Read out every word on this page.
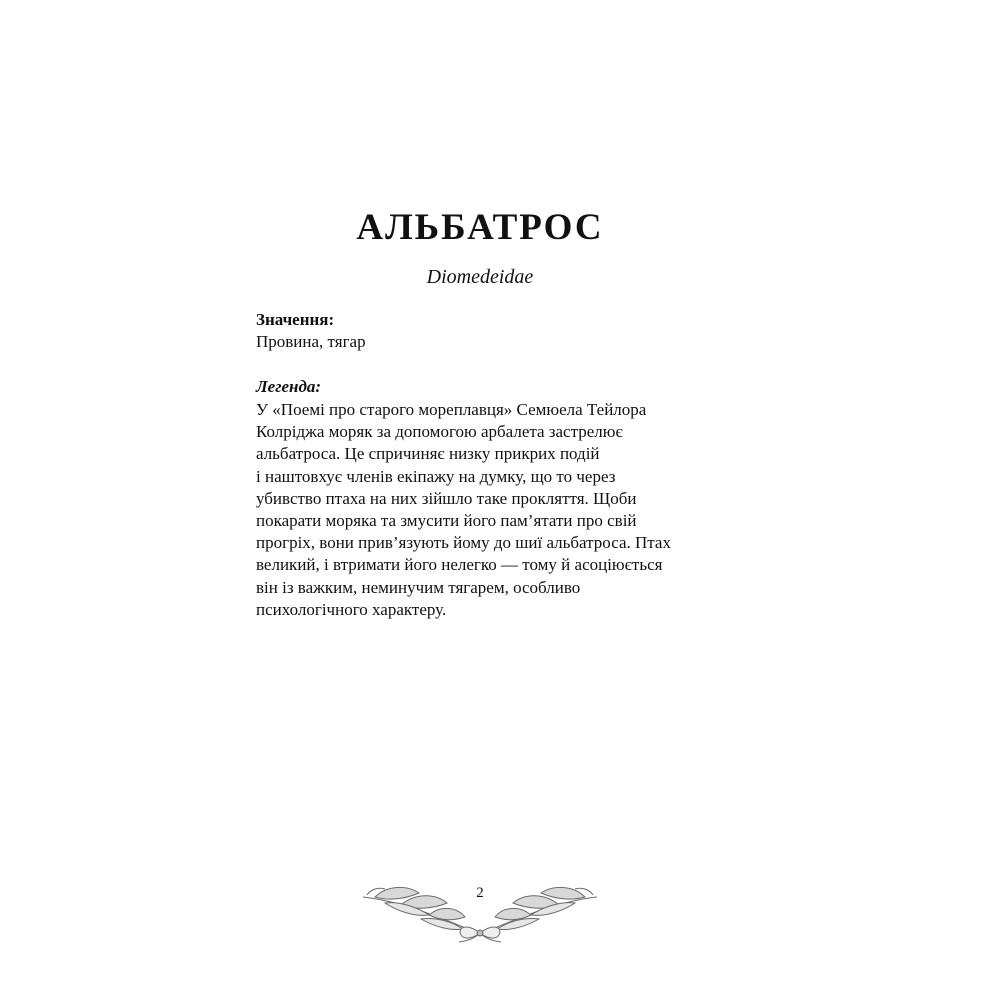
АЛЬБАТРОС
Diomedeidae

Значення:

Провина, тягар

Легенда:

У «Поемі про старого мореплавця» Семюела Тейлора
Колріджа моряк за допомогою арбалета застрелює
альбатроса. Це спричиняє низку прикрих подій
і наштовхує членів екіпажу на думку, що то через
убивство птаха на них зійшло таке прокляття. Щоби
покарати моряка та змусити його пам’ятати про свій
прогріх, вони прив’язують йому до шиї альбатроса. Птах
великий, і втримати його нелегко — тому й асоціюється
він із важким, неминучим тягарем, особливо
психологічного характеру.
2
